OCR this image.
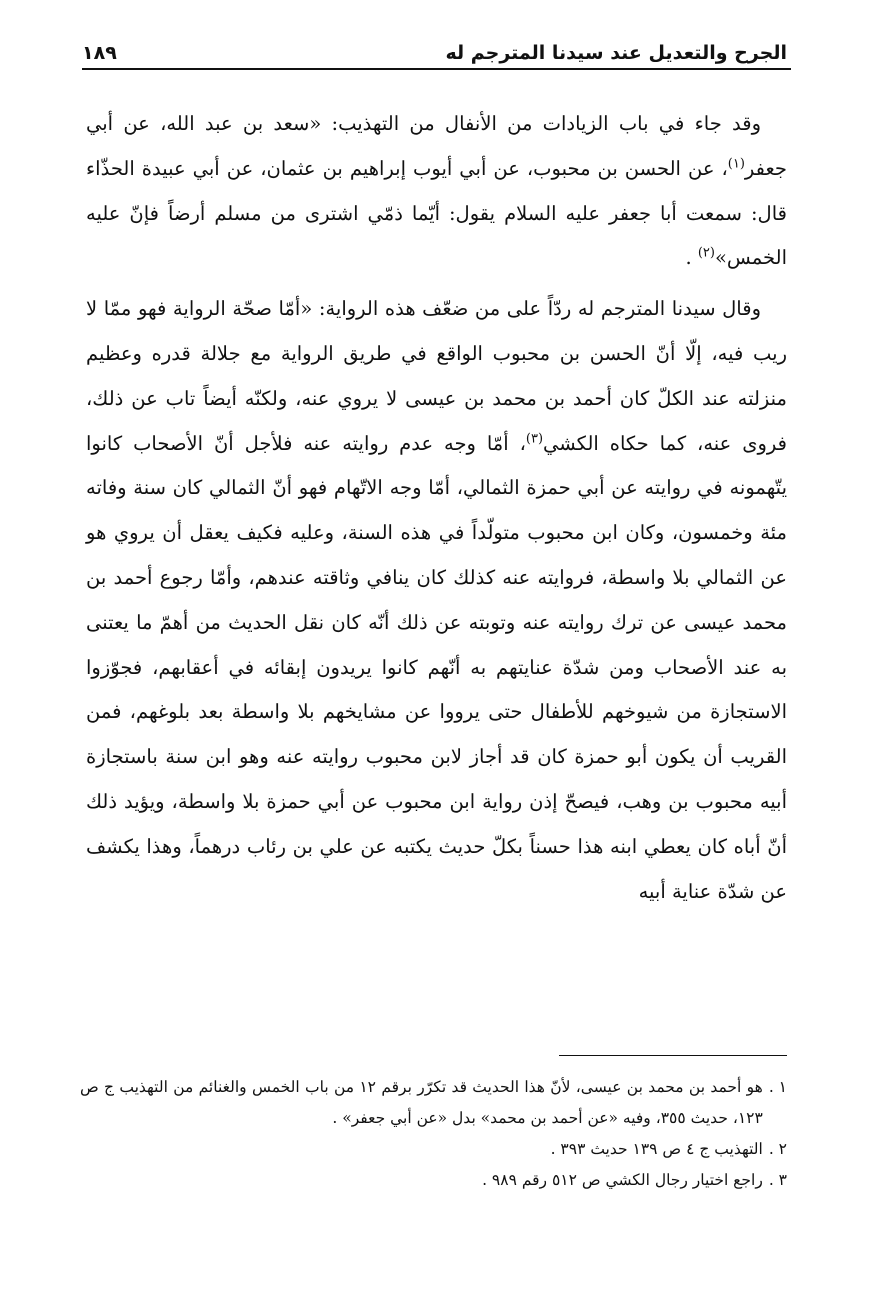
الجرح والتعديل عند سيدنا المترجم له
١٨٩

وقد جاء في باب الزيادات من الأنفال من التهذيب: «سعد بن عبد الله، عن أبي جعفر$^{(١)}$، عن الحسن بن محبوب، عن أبي أيوب إبراهيم بن عثمان، عن أبي عبيدة الحذّاء قال: سمعت أبا جعفر عليه السلام يقول: أيّما ذمّي اشترى من مسلم أرضاً فإنّ عليه الخمس»$^{(٢)}$ .

وقال سيدنا المترجم له ردّاً على من ضعّف هذه الرواية: «أمّا صحّة الرواية فهو ممّا لا ريب فيه، إلّا أنّ الحسن بن محبوب الواقع في طريق الرواية مع جلالة قدره وعظيم منزلته عند الكلّ كان أحمد بن محمد بن عيسى لا يروي عنه، ولكنّه أيضاً تاب عن ذلك، فروى عنه، كما حكاه الكشي$^{(٣)}$، أمّا وجه عدم روايته عنه فلأجل أنّ الأصحاب كانوا يتّهمونه في روايته عن أبي حمزة الثمالي، أمّا وجه الاتّهام فهو أنّ الثمالي كان سنة وفاته مئة وخمسون، وكان ابن محبوب متولّداً في هذه السنة، وعليه فكيف يعقل أن يروي هو عن الثمالي بلا واسطة، فروايته عنه كذلك كان ينافي وثاقته عندهم، وأمّا رجوع أحمد بن محمد عيسى عن ترك روايته عنه وتوبته عن ذلك أنّه كان نقل الحديث من أهمّ ما يعتنى به عند الأصحاب ومن شدّة عنايتهم به أنّهم كانوا يريدون إبقائه في أعقابهم، فجوّزوا الاستجازة من شيوخهم للأطفال حتى يرووا عن مشايخهم بلا واسطة بعد بلوغهم، فمن القريب أن يكون أبو حمزة كان قد أجاز لابن محبوب روايته عنه وهو ابن سنة باستجازة أبيه محبوب بن وهب، فيصحّ إذن رواية ابن محبوب عن أبي حمزة بلا واسطة، ويؤيد ذلك أنّ أباه كان يعطي ابنه هذا حسناً بكلّ حديث يكتبه عن علي بن رئاب درهماً، وهذا يكشف عن شدّة عناية أبيه

١ .
هو أحمد بن محمد بن عيسى، لأنّ هذا الحديث قد تكرّر برقم ١٢ من باب الخمس والغنائم من التهذيب ج ص ١٢٣، حديث ٣٥٥، وفيه «عن أحمد بن محمد» بدل «عن أبي جعفر» .
٢ .
التهذيب ج ٤ ص ١٣٩ حديث ٣٩٣ .
٣ .
راجع اختيار رجال الكشي ص ٥١٢ رقم ٩٨٩ .
